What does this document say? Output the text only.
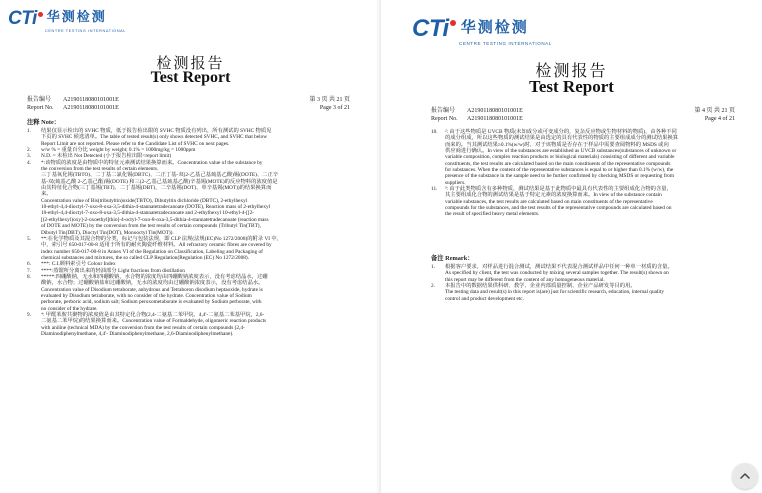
CTi 华测检测
CENTRE TESTING INTERNATIONAL
检测报告
Test Report
报告编号	A2190118080101001E	第 3 页 共 21 页
Report No.	A2190118080101001E	Page 3 of 21
注释 Note：
1.	结果仅显示检出的 SVHC 物质，低于报告检出限的 SVHC 物质没有列出，所有测试的 SVHC 物质见

下页的 SVHC 候选清单。The table of tested result(s) only shows detected SVHC, and SVHC that below

Report Limit are not reported. Please refer to the Candidate List of SVHC on next pages.

2.	w/w % = 重量百分比 weight by weight; 0.1% = 1000mg/kg = 1000ppm

3.	N.D. = 未检出 Not Detected (小于报告检出限<report limit)

4.	*:该物质的浓度是由物质中的特征元素测试结果换算而来。Concentration value of the substance by

the conversion from the test results of certain elements.

三丁基氧化锡(TBTO)、二丁基二氯化锡(DBTC)、二正丁基-双(2-乙基己基巯基乙酸)锡(DOTE)、二正辛

基-双(巯基乙酸 2-乙基己酯)锡(DOTE) 和三(2-乙基己基巯基乙酸)辛基锡(MOTE)的反应物料的浓度值是

由其特征化合物(三丁基锡(TBT)、二丁基锡(DBT)、二辛基锡(DOT)、单辛基锡(MOT))的结果换算而

来。

Concentration value of Bis(tributyltin)oxide(TBTO), Dibutyltin dichloride (DBTC), 2-ethylhexyl

10-ethyl-4,4-dioctyl-7-oxo-8-oxa-3,5-dithia-4-stannatetradecanoate (DOTE), Reaction mass of 2-ethylhexyl

10-ethyl-4,4-dioctyl-7-oxo-8-oxa-3,5-dithia-4-stannatetradecanoate and 2-ethylhexyl 10-ethyl-4-[[2-

[(2-ethylhexyl)oxy]-2-oxoethyl]thio]-4-octyl-7-oxo-8-oxa-3,5-dithia-4-stannatetradecanoate (reaction mass

of DOTE and MOTE) by the conversion from the test results of certain compounds (Tributyl Tin(TBT),

Dibutyl Tin(DBT), Dioctyl Tin(DOT), Monooctyl Tin(MOT)).

5.	**:在化学物质及其混合物的分类，标记与包装法规，即 CLP 法规(法规(EC)No 1272/2008)的附录 VI 中,

中，索引号 650-017-00-8 适用于所有的耐火陶瓷纤维材料。All refractory ceramic fibres are covered by

index number 650-017-00-8 in Annex VI of the Regulation on Classification, Labeling and Packaging of

chemical substances and mixtures, the so called CLP Regulation(Regulation (EC) No 1272/2008).

6.	***: C.I.颜料索引号 Colour Index

7.	****:蒸馏所分离出来的轻油部分 Light fractions from distillation

8.	*****:四硼酸钠，无水和四硼酸钠，水合物的浓度均由四硼酸钠浓度表示，没有考虑结晶水，过硼

酸钠，水合物；过硼酸钠盐和过硼酸钠，无水的浓度均由过硼酸钠浓度表示，没有考虑结晶水。

Concentration value of Disodium tetraborate, anhydrous and Tetraboron disodium heptaoxide, hydrate is

evaluated by Disodium tetraborate, with no consider of the hydrate. Concentration value of Sodium

perborate, perboric acid, sodium salt; Sodium peroxometaborate is evaluated by Sodium perborate, with

no consider of the hydrate.

9.	⁴: 甲醛苯胺共聚物的浓度值是由其特定化合物(2,4-二氨基二苯甲烷、4,4'-二氨基二苯基甲烷，2,6-

二氨基二苯甲烷)的结果换算而来。Concentration value of Formaldehyde, oligomeric reaction products

with aniline (technical MDA) by the conversion from the test results of certain compounds (2,4-

Diaminodiphenylmethane, 4,4'- Diaminodiphenylmethane, 2,6-Diaminodiphenylmethane).

CTi 华测检测
CENTRE TESTING INTERNATIONAL
检测报告
Test Report
报告编号	A2190118080101001E	第 4 页 共 21 页
Report No.	A2190118080101001E	Page 4 of 21
10.	²: 由于这些物质是 UVCB 物质(未知成分或可变成分的，复杂反应物或生物材料的物质)，由各种不同

的成分组成，所以这些物质的测试结果是由选定的具有代表性的物质的主要组成成分的测试结果换算

而来的。当其测试结果≥0.1%(w/w)时，对于该物质是否存在于样品中需要查阅物料的 MSDS 或向

供应商进行确认。In view of the substances are established as UVCB substances(substances of unknown or

variable composition, complex reaction products or biological materials) consisting of different and variable

constituents, the test results are calculated based on the main constituents of the representative compounds

for substances. When the content of the representative substances is equal to or higher than 0.1% (w/w), the

presence of the substance in the sample need to be further confirmed by checking MSDS or requesting from

suppliers.

11.	³: 由于此类物质含有多种物质，测试结果是基于此物质中最具有代表性的主要组成化合物的含量，

其主要组成化合物的测试结果是基于特定元素的浓度换算而来。In view of the substance contain

variable substances, the test results are calculated based on main constituents of the representative

compounds for the substances, and the test results of the representative compounds are calculated based on

the result of specified heavy metal elements.

备注 Remark：
1.	根据客户要求，对样品进行混合测试，测试结果不代表混合测试样品中任何一种单一材质的含量。

As specified by client, the test was conducted by mixing several samples together. The result(s) shown on

this report may be different from the content of any homogeneous material.

2.	本报告中的数据结果供科研、教学、企业内部质量控制、企业产品研发等目的用。

The testing data and result(s) in this report is(are) just for scientific research, education, internal quality

control and product development etc.
